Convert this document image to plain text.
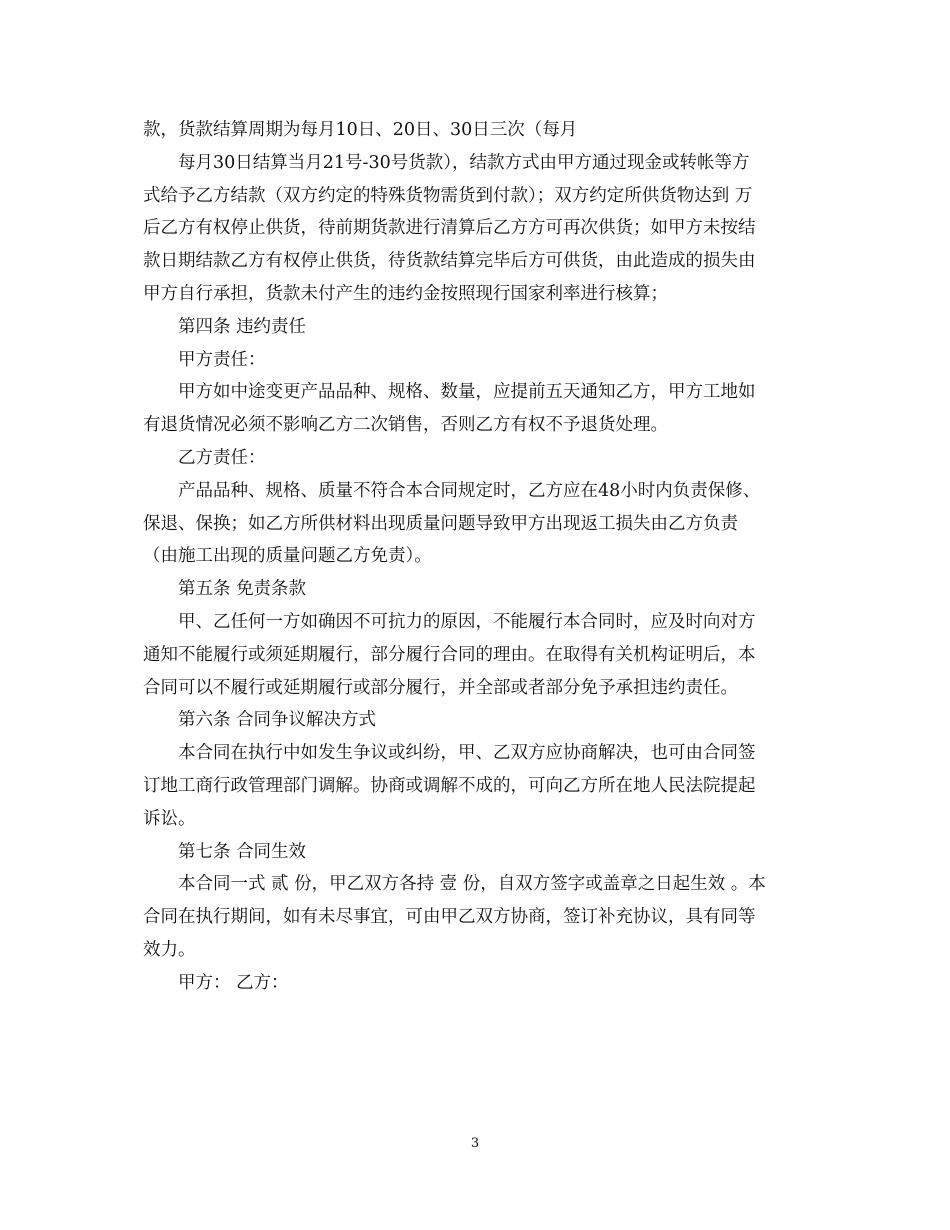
款，货款结算周期为每月10日、20日、30日三次（每月
每月30日结算当月21号-30号货款），结款方式由甲方通过现金或转帐等方
式给予乙方结款（双方约定的特殊货物需货到付款）；双方约定所供货物达到 万
后乙方有权停止供货，待前期货款进行清算后乙方方可再次供货；如甲方未按结
款日期结款乙方有权停止供货，待货款结算完毕后方可供货，由此造成的损失由
甲方自行承担，货款未付产生的违约金按照现行国家利率进行核算；
第四条 违约责任
甲方责任：
甲方如中途变更产品品种、规格、数量，应提前五天通知乙方，甲方工地如
有退货情况必须不影响乙方二次销售，否则乙方有权不予退货处理。
乙方责任：
产品品种、规格、质量不符合本合同规定时，乙方应在48小时内负责保修、
保退、保换；如乙方所供材料出现质量问题导致甲方出现返工损失由乙方负责
（由施工出现的质量问题乙方免责）。
第五条 免责条款
甲、乙任何一方如确因不可抗力的原因，不能履行本合同时，应及时向对方
通知不能履行或须延期履行，部分履行合同的理由。在取得有关机构证明后，本
合同可以不履行或延期履行或部分履行，并全部或者部分免予承担违约责任。
第六条 合同争议解决方式
本合同在执行中如发生争议或纠纷，甲、乙双方应协商解决，也可由合同签
订地工商行政管理部门调解。协商或调解不成的，可向乙方所在地人民法院提起
诉讼。
第七条 合同生效
本合同一式 贰 份，甲乙双方各持 壹 份，自双方签字或盖章之日起生效 。本
合同在执行期间，如有未尽事宜，可由甲乙双方协商，签订补充协议，具有同等
效力。
甲方： 乙方：
3
